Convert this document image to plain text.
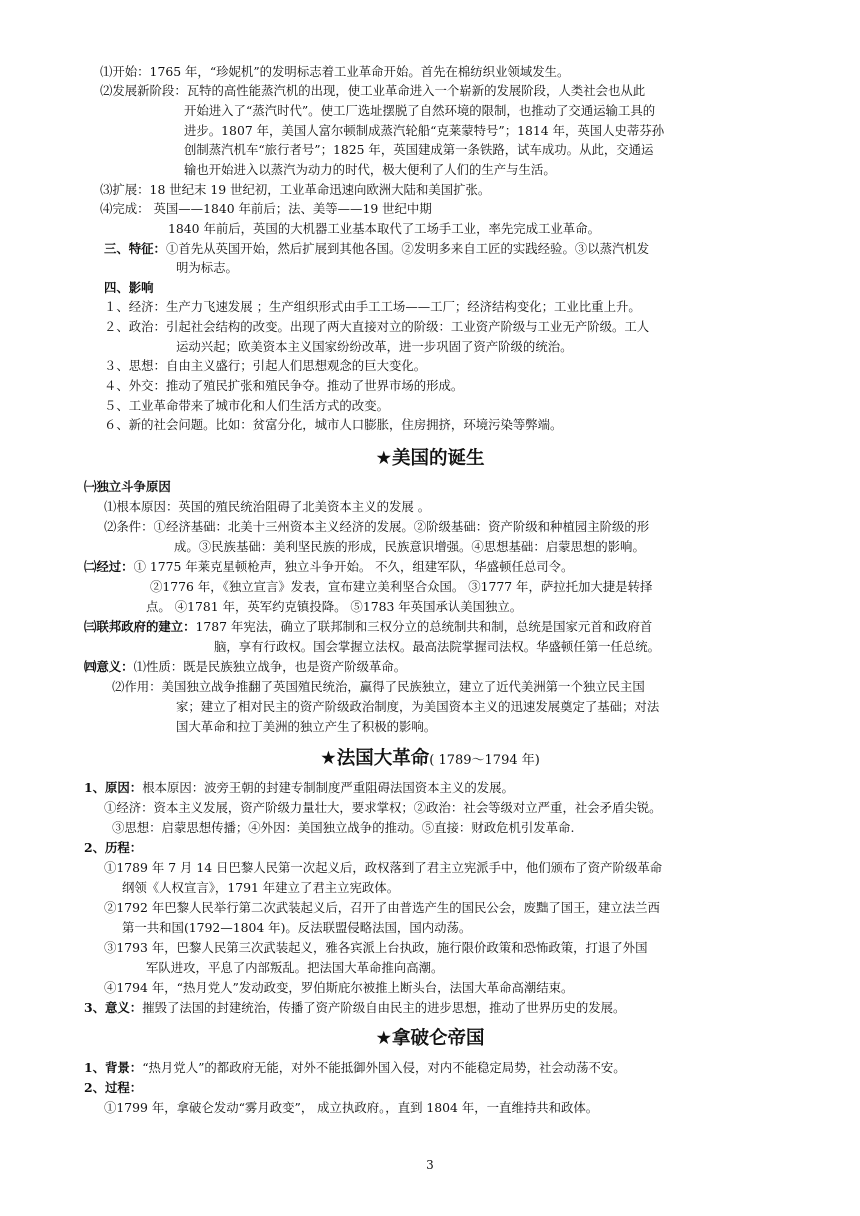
⑴开始：1765 年，“珍妮机”的发明标志着工业革命开始。首先在棉纺织业领域发生。
⑵发展新阶段：瓦特的高性能蒸汽机的出现，使工业革命进入一个崭新的发展阶段，人类社会也从此
开始进入了“蒸汽时代”。使工厂选址摆脱了自然环境的限制，也推动了交通运输工具的
进步。1807 年，美国人富尔顿制成蒸汽轮船“克莱蒙特号”；1814 年，英国人史蒂芬孙
创制蒸汽机车“旅行者号”；1825 年，英国建成第一条铁路，试车成功。从此，交通运
输也开始进入以蒸汽为动力的时代，极大便利了人们的生产与生活。
⑶扩展：18 世纪末 19 世纪初，工业革命迅速向欧洲大陆和美国扩张。
⑷完成： 英国——1840 年前后；法、美等——19 世纪中期
1840 年前后，英国的大机器工业基本取代了工场手工业，率先完成工业革命。
三、特征：①首先从英国开始，然后扩展到其他各国。②发明多来自工匠的实践经验。③以蒸汽机发
明为标志。
四、影响
１、经济：生产力飞速发展 ；生产组织形式由手工工场——工厂；经济结构变化；工业比重上升。
２、政治：引起社会结构的改变。出现了两大直接对立的阶级：工业资产阶级与工业无产阶级。工人
运动兴起；欧美资本主义国家纷纷改革，进一步巩固了资产阶级的统治。
３、思想：自由主义盛行；引起人们思想观念的巨大变化。
４、外交：推动了殖民扩张和殖民争夺。推动了世界市场的形成。
５、工业革命带来了城市化和人们生活方式的改变。
６、新的社会问题。比如：贫富分化，城市人口膨胀，住房拥挤，环境污染等弊端。
★美国的诞生
㈠独立斗争原因
⑴根本原因：英国的殖民统治阻碍了北美资本主义的发展 。
⑵条件：①经济基础：北美十三州资本主义经济的发展。②阶级基础：资产阶级和种植园主阶级的形
成。③民族基础：美利坚民族的形成，民族意识增强。④思想基础：启蒙思想的影响。
㈡经过：① 1775 年莱克星顿枪声，独立斗争开始。 不久，组建军队，华盛顿任总司令。
②1776 年，《独立宣言》发表，宣布建立美利坚合众国。 ③1777 年，萨拉托加大捷是转择
点。 ④1781 年，英军约克镇投降。 ⑤1783 年英国承认美国独立。
㈢联邦政府的建立：1787 年宪法，确立了联邦制和三权分立的总统制共和制，总统是国家元首和政府首
脑，享有行政权。国会掌握立法权。最高法院掌握司法权。华盛顿任第一任总统。
㈣意义：⑴性质：既是民族独立战争，也是资产阶级革命。
⑵作用：美国独立战争推翻了英国殖民统治，赢得了民族独立，建立了近代美洲第一个独立民主国
家；建立了相对民主的资产阶级政治制度，为美国资本主义的迅速发展奠定了基础；对法
国大革命和拉丁美洲的独立产生了积极的影响。
★法国大革命( 1789～1794 年)
1、原因：根本原因：波旁王朝的封建专制制度严重阻碍法国资本主义的发展。
①经济：资本主义发展，资产阶级力量壮大，要求掌权；②政治：社会等级对立严重，社会矛盾尖锐。
③思想：启蒙思想传播；④外因：美国独立战争的推动。⑤直接：财政危机引发革命.
2、历程：
①1789 年 7 月 14 日巴黎人民第一次起义后，政权落到了君主立宪派手中，他们颁布了资产阶级革命
纲领《人权宣言》，1791 年建立了君主立宪政体。
②1792 年巴黎人民举行第二次武装起义后，召开了由普选产生的国民公会，废黜了国王，建立法兰西
第一共和国(1792—1804 年)。反法联盟侵略法国，国内动荡。
③1793 年，巴黎人民第三次武装起义，雅各宾派上台执政，施行限价政策和恐怖政策，打退了外国
军队进攻，平息了内部叛乱。把法国大革命推向高潮。
④1794 年，“热月党人”发动政变，罗伯斯庇尔被推上断头台，法国大革命高潮结束。
3、意义：摧毁了法国的封建统治，传播了资产阶级自由民主的进步思想，推动了世界历史的发展。
★拿破仑帝国
1、背景：“热月党人”的都政府无能，对外不能抵御外国入侵，对内不能稳定局势，社会动荡不安。
2、过程：
①1799 年，拿破仑发动“雾月政变”， 成立执政府。，直到 1804 年，一直维持共和政体。
3
